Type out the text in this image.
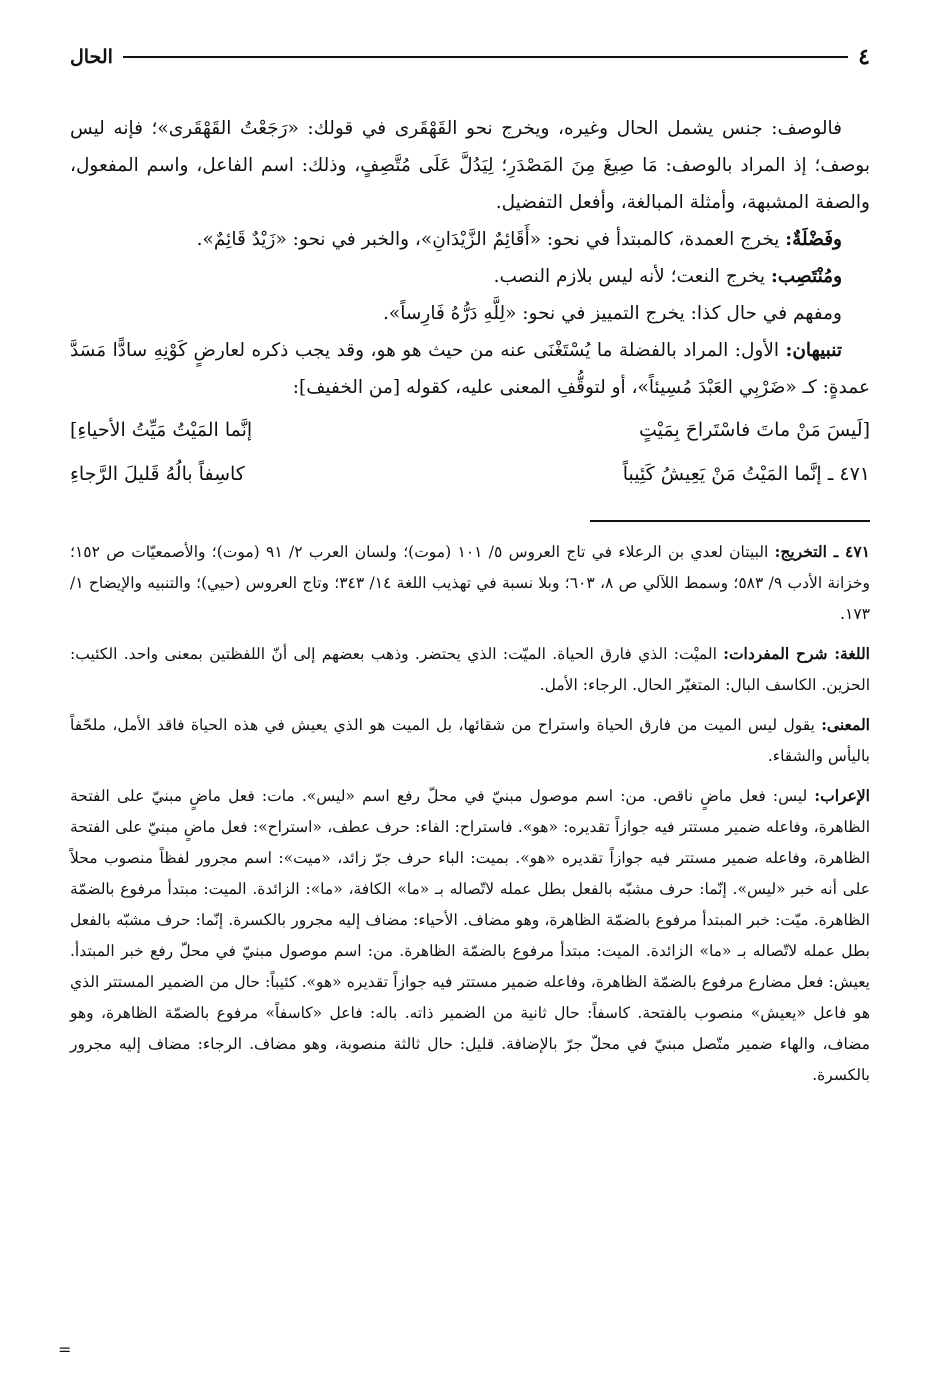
٤
الحال

فالوصف: جنس يشمل الحال وغيره، ويخرج نحو القَهْقَرى في قولك: «رَجَعْتُ القَهْقَرى»؛ فإنه ليس بوصف؛ إذ المراد بالوصف: مَا صِيغَ مِنَ المَصْدَرِ؛ لِيَدُلَّ عَلَى مُتَّصِفٍ، وذلك: اسم الفاعل، واسم المفعول، والصفة المشبهة، وأمثلة المبالغة، وأفعل التفضيل.

وفَضْلَةٌ: يخرج العمدة، كالمبتدأ في نحو: «أَقَائِمٌ الزَّيْدَانِ»، والخبر في نحو: «زَيْدٌ قَائِمٌ».

ومُنْتَصِب: يخرج النعت؛ لأنه ليس بلازم النصب.

ومفهم في حال كذا: يخرج التمييز في نحو: «لِلَّهِ دَرُّهُ فَارِساً».

تنبيهان: الأول: المراد بالفضلة ما يُسْتَغْنَى عنه من حيث هو هو، وقد يجب ذكره لعارضٍ كَوْنِهِ سادًّا مَسَدَّ عمدةٍ: كـ «ضَرْبِي العَبْدَ مُسِيئاً»، أو لتوقُّفِ المعنى عليه، كقوله [من الخفيف]:

[لَيسَ مَنْ ماتَ فاسْتَراحَ بِمَيْتٍ
إنَّما المَيْتُ مَيِّتُ الأحياءِ]
٤٧١ ـ إنَّما المَيْتُ مَنْ يَعِيشُ كَئِيباً
كاسِفاً بالُهُ قَليلَ الرَّجاءِ

٤٧١ ـ التخريج: البيتان لعدي بن الرعلاء في تاج العروس ٥/ ١٠١ (موت)؛ ولسان العرب ٢/ ٩١ (موت)؛ والأصمعيّات ص ١٥٢؛ وخزانة الأدب ٩/ ٥٨٣؛ وسمط اللآلي ص ٨، ٦٠٣؛ وبلا نسبة في تهذيب اللغة ١٤/ ٣٤٣؛ وتاج العروس (حيي)؛ والتنبيه والإيضاح ١/ ١٧٣.

اللغة: شرح المفردات: الميْت: الذي فارق الحياة. الميّت: الذي يحتضر. وذهب بعضهم إلى أنّ اللفظتين بمعنى واحد. الكئيب: الحزين. الكاسف البال: المتغيّر الحال. الرجاء: الأمل.

المعنى: يقول ليس الميت من فارق الحياة واستراح من شقائها، بل الميت هو الذي يعيش في هذه الحياة فاقد الأمل، ملحّفاً باليأس والشقاء.

الإعراب: ليس: فعل ماضٍ ناقص. من: اسم موصول مبنيّ في محلّ رفع اسم «ليس». مات: فعل ماضٍ مبنيّ على الفتحة الظاهرة، وفاعله ضمير مستتر فيه جوازاً تقديره: «هو». فاستراح: الفاء: حرف عطف، «استراح»: فعل ماضٍ مبنيّ على الفتحة الظاهرة، وفاعله ضمير مستتر فيه جوازاً تقديره «هو». بميت: الباء حرف جرّ زائد، «ميت»: اسم مجرور لفظاً منصوب محلاً على أنه خبر «ليس». إنّما: حرف مشبّه بالفعل بطل عمله لاتّصاله بـ «ما» الكافة، «ما»: الزائدة. الميت: مبتدأ مرفوع بالضمّة الظاهرة. ميّت: خبر المبتدأ مرفوع بالضمّة الظاهرة، وهو مضاف. الأحياء: مضاف إليه مجرور بالكسرة. إنّما: حرف مشبّه بالفعل بطل عمله لاتّصاله بـ «ما» الزائدة. الميت: مبتدأ مرفوع بالضمّة الظاهرة. من: اسم موصول مبنيّ في محلّ رفع خبر المبتدأ. يعيش: فعل مضارع مرفوع بالضمّة الظاهرة، وفاعله ضمير مستتر فيه جوازاً تقديره «هو». كئيباً: حال من الضمير المستتر الذي هو فاعل «يعيش» منصوب بالفتحة. كاسفاً: حال ثانية من الضمير ذاته. باله: فاعل «كاسفاً» مرفوع بالضمّة الظاهرة، وهو مضاف، والهاء ضمير متّصل مبنيّ في محلّ جرّ بالإضافة. قليل: حال ثالثة منصوبة، وهو مضاف. الرجاء: مضاف إليه مجرور بالكسرة.

=
